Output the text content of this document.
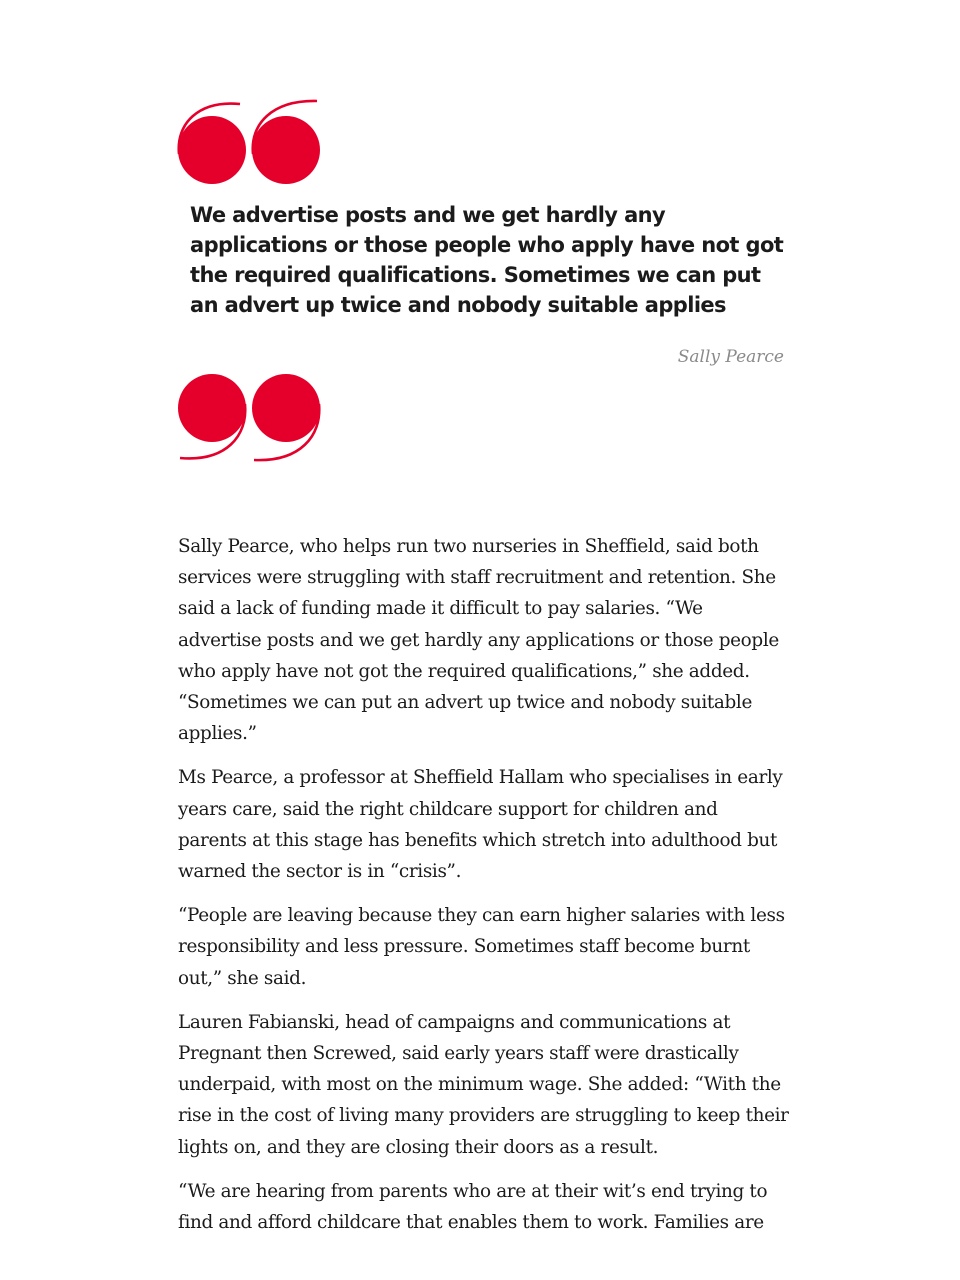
We advertise posts and we get hardly any applications or those people who apply have not got the required qualifications. Sometimes we can put an advert up twice and nobody suitable applies

Sally Pearce

Sally Pearce, who helps run two nurseries in Sheffield, said both services were struggling with staff recruitment and retention. She said a lack of funding made it difficult to pay salaries. “We advertise posts and we get hardly any applications or those people who apply have not got the required qualifications,” she added. “Sometimes we can put an advert up twice and nobody suitable applies.”

Ms Pearce, a professor at Sheffield Hallam who specialises in early years care, said the right childcare support for children and parents at this stage has benefits which stretch into adulthood but warned the sector is in “crisis”.

“People are leaving because they can earn higher salaries with less responsibility and less pressure. Sometimes staff become burnt out,” she said.

Lauren Fabianski, head of campaigns and communications at Pregnant then Screwed, said early years staff were drastically underpaid, with most on the minimum wage. She added: “With the rise in the cost of living many providers are struggling to keep their lights on, and they are closing their doors as a result.

“We are hearing from parents who are at their wit’s end trying to find and afford childcare that enables them to work. Families are
